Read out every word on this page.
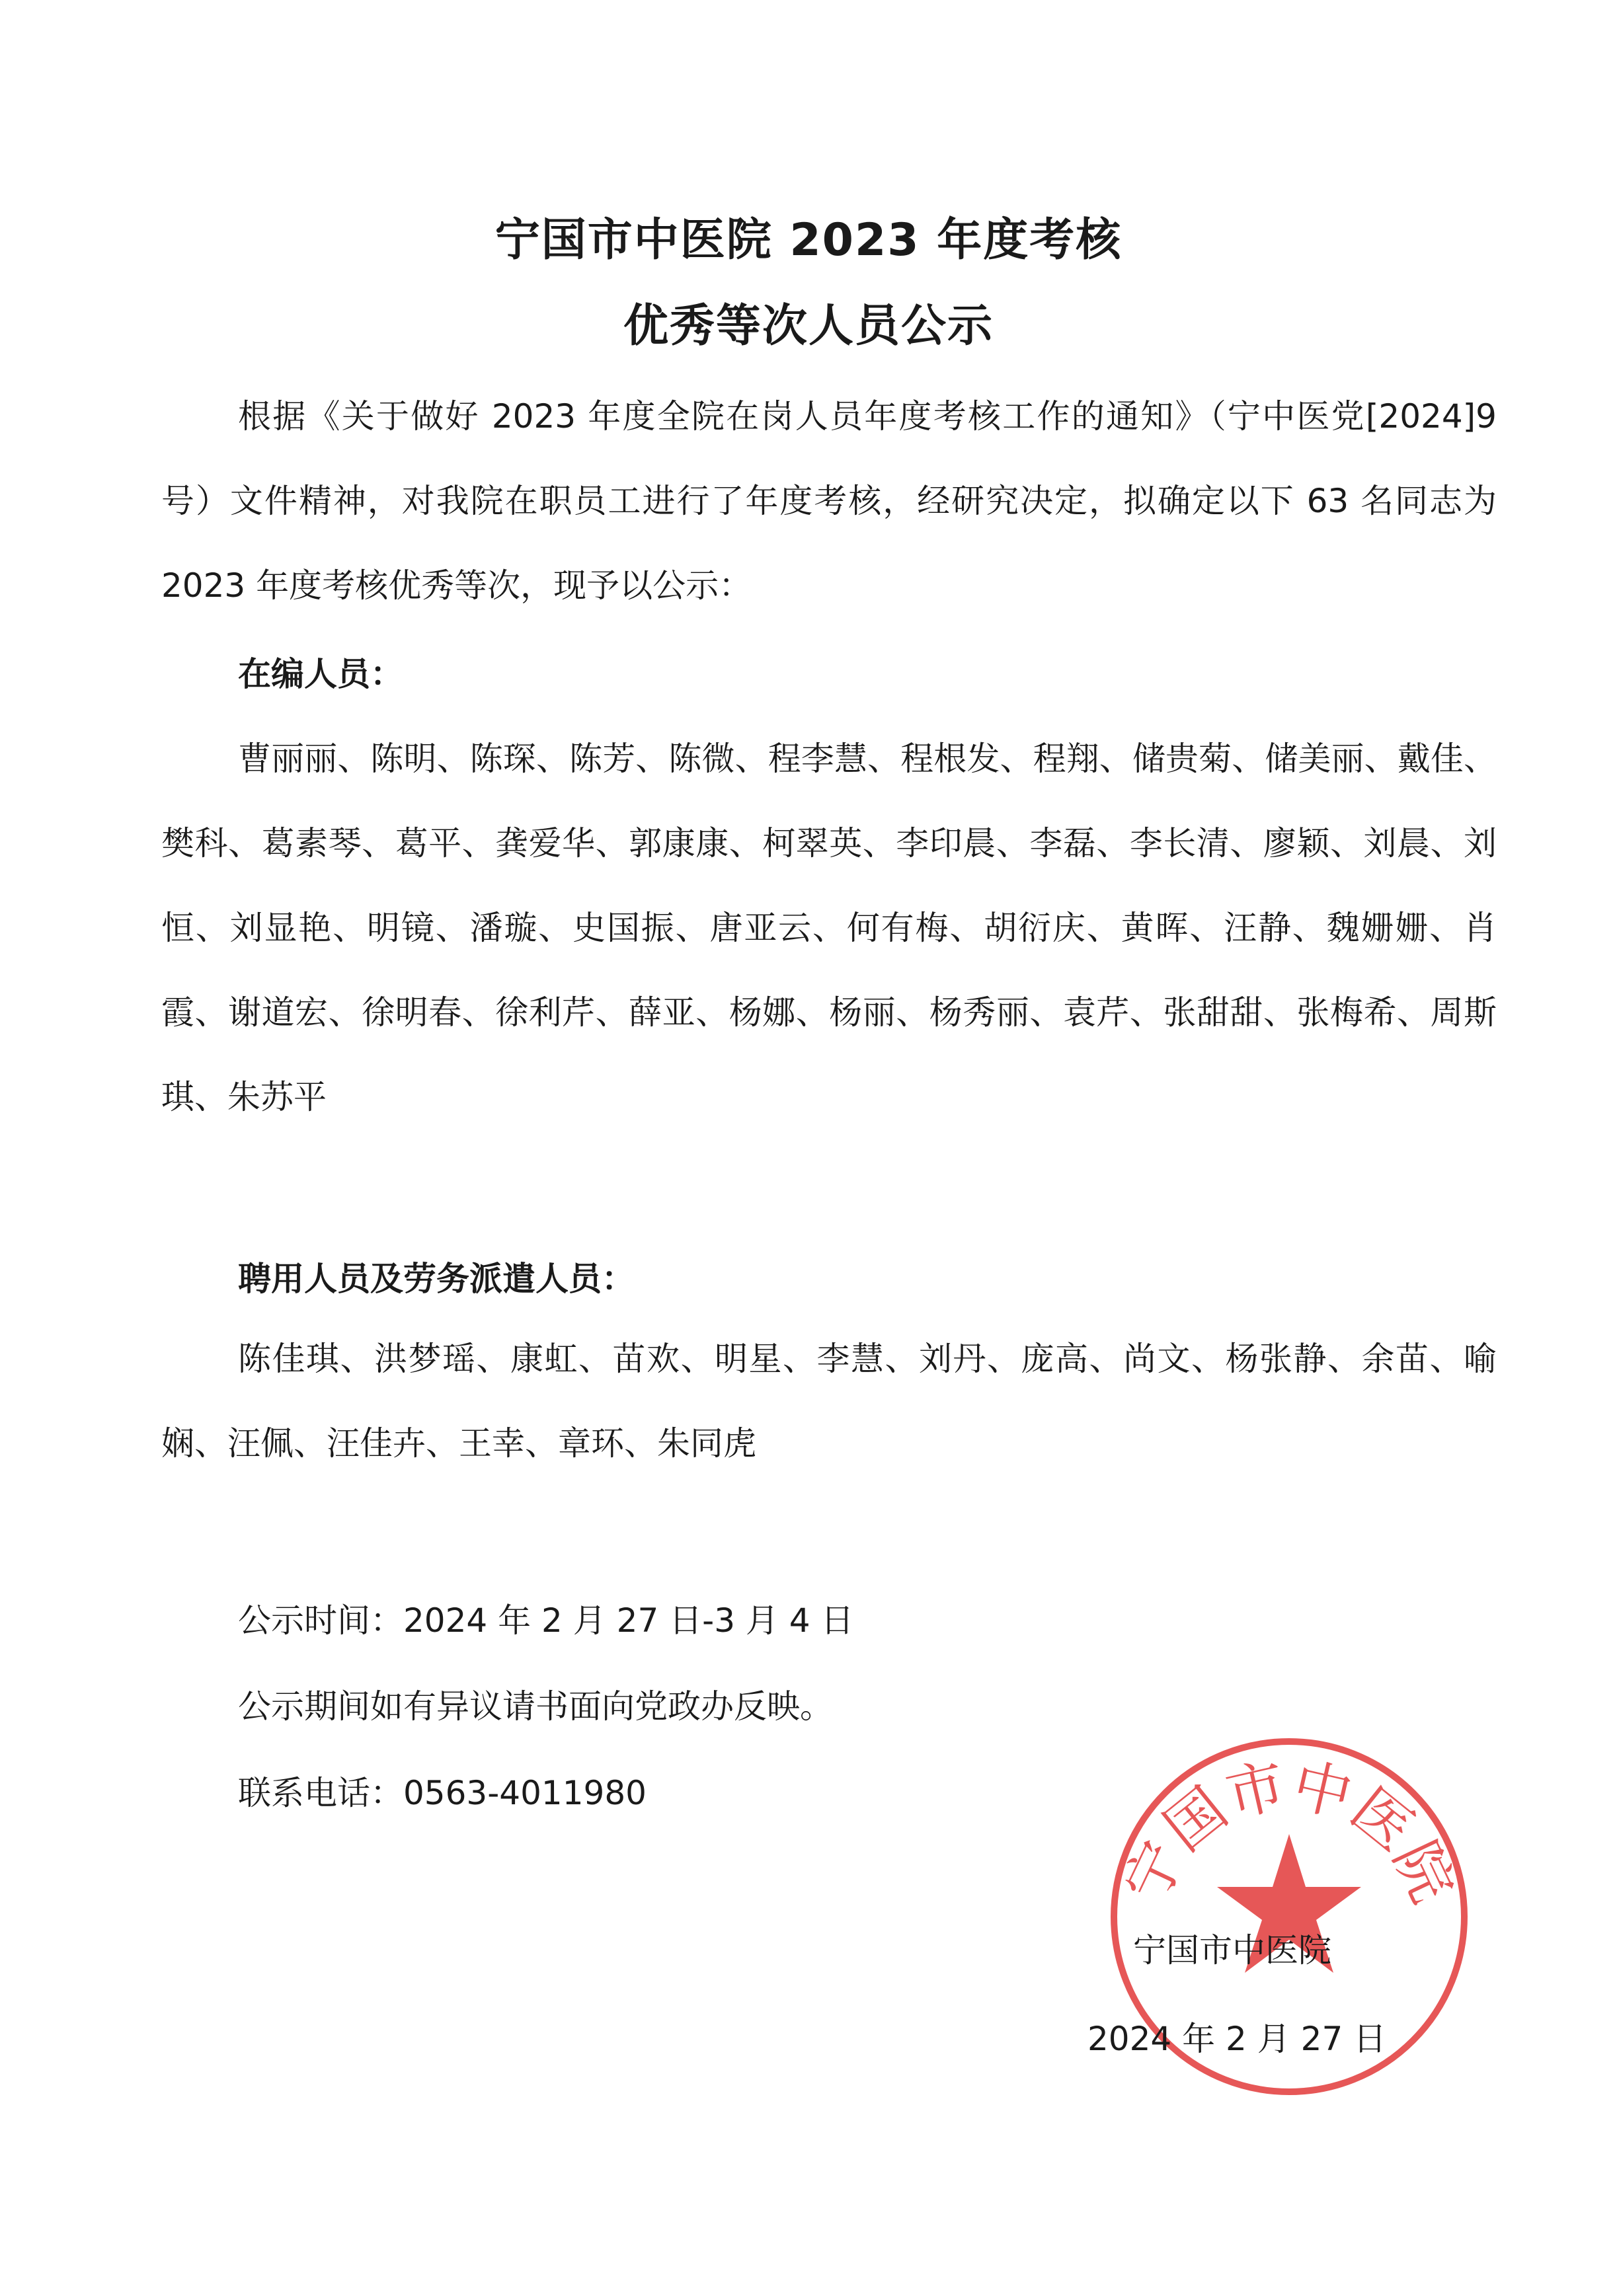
宁国市中医院 2023 年度考核
优秀等次人员公示

根据《关于做好 2023 年度全院在岗人员年度考核工作的通知》（宁中医党[2024]9 号）文件精神，对我院在职员工进行了年度考核，经研究决定，拟确定以下 63 名同志为 2023 年度考核优秀等次，现予以公示：

在编人员：

曹丽丽、陈明、陈琛、陈芳、陈微、程李慧、程根发、程翔、储贵菊、储美丽、戴佳、樊科、葛素琴、葛平、龚爱华、郭康康、柯翠英、李印晨、李磊、李长清、廖颖、刘晨、刘恒、刘显艳、明镜、潘璇、史国振、唐亚云、何有梅、胡衍庆、黄晖、汪静、魏姗姗、肖霞、谢道宏、徐明春、徐利芹、薛亚、杨娜、杨丽、杨秀丽、袁芹、张甜甜、张梅希、周斯琪、朱苏平

聘用人员及劳务派遣人员：

陈佳琪、洪梦瑶、康虹、苗欢、明星、李慧、刘丹、庞高、尚文、杨张静、余苗、喻娴、汪佩、汪佳卉、王幸、章环、朱同虎

公示时间：2024 年 2 月 27 日-3 月 4 日
公示期间如有异议请书面向党政办反映。
联系电话：0563-4011980
宁国市中医院
宁国市中医院
2024 年 2 月 27 日
